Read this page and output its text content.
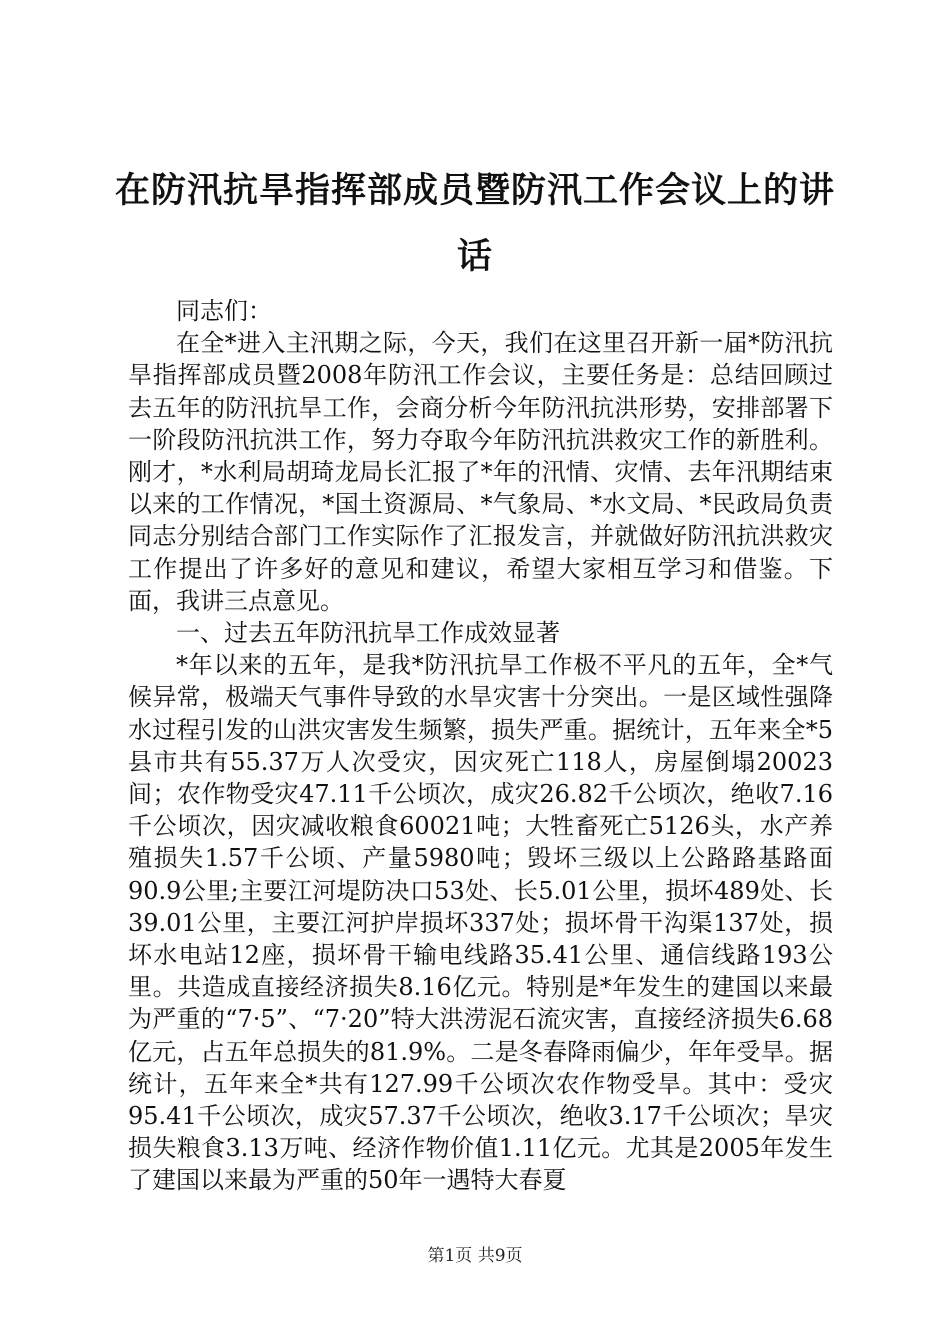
在防汛抗旱指挥部成员暨防汛工作会议上的讲话

同志们：

在全*进入主汛期之际，今天，我们在这里召开新一届*防汛抗旱指挥部成员暨2008年防汛工作会议，主要任务是：总结回顾过去五年的防汛抗旱工作，会商分析今年防汛抗洪形势，安排部署下一阶段防汛抗洪工作，努力夺取今年防汛抗洪救灾工作的新胜利。刚才，*水利局胡琦龙局长汇报了*年的汛情、灾情、去年汛期结束以来的工作情况，*国土资源局、*气象局、*水文局、*民政局负责同志分别结合部门工作实际作了汇报发言，并就做好防汛抗洪救灾工作提出了许多好的意见和建议，希望大家相互学习和借鉴。下面，我讲三点意见。

一、过去五年防汛抗旱工作成效显著

*年以来的五年，是我*防汛抗旱工作极不平凡的五年，全*气候异常，极端天气事件导致的水旱灾害十分突出。一是区域性强降水过程引发的山洪灾害发生频繁，损失严重。据统计，五年来全*5县市共有55.37万人次受灾，因灾死亡118人，房屋倒塌20023间；农作物受灾47.11千公顷次，成灾26.82千公顷次，绝收7.16千公顷次，因灾减收粮食60021吨；大牲畜死亡5126头，水产养殖损失1.57千公顷、产量5980吨；毁坏三级以上公路路基路面90.9公里;主要江河堤防决口53处、长5.01公里，损坏489处、长39.01公里，主要江河护岸损坏337处；损坏骨干沟渠137处，损坏水电站12座，损坏骨干输电线路35.41公里、通信线路193公里。共造成直接经济损失8.16亿元。特别是*年发生的建国以来最为严重的“7·5”、“7·20”特大洪涝泥石流灾害，直接经济损失6.68亿元，占五年总损失的81.9%。二是冬春降雨偏少，年年受旱。据统计，五年来全*共有127.99千公顷次农作物受旱。其中：受灾95.41千公顷次，成灾57.37千公顷次，绝收3.17千公顷次；旱灾损失粮食3.13万吨、经济作物价值1.11亿元。尤其是2005年发生了建国以来最为严重的50年一遇特大春夏

第1页 共9页
